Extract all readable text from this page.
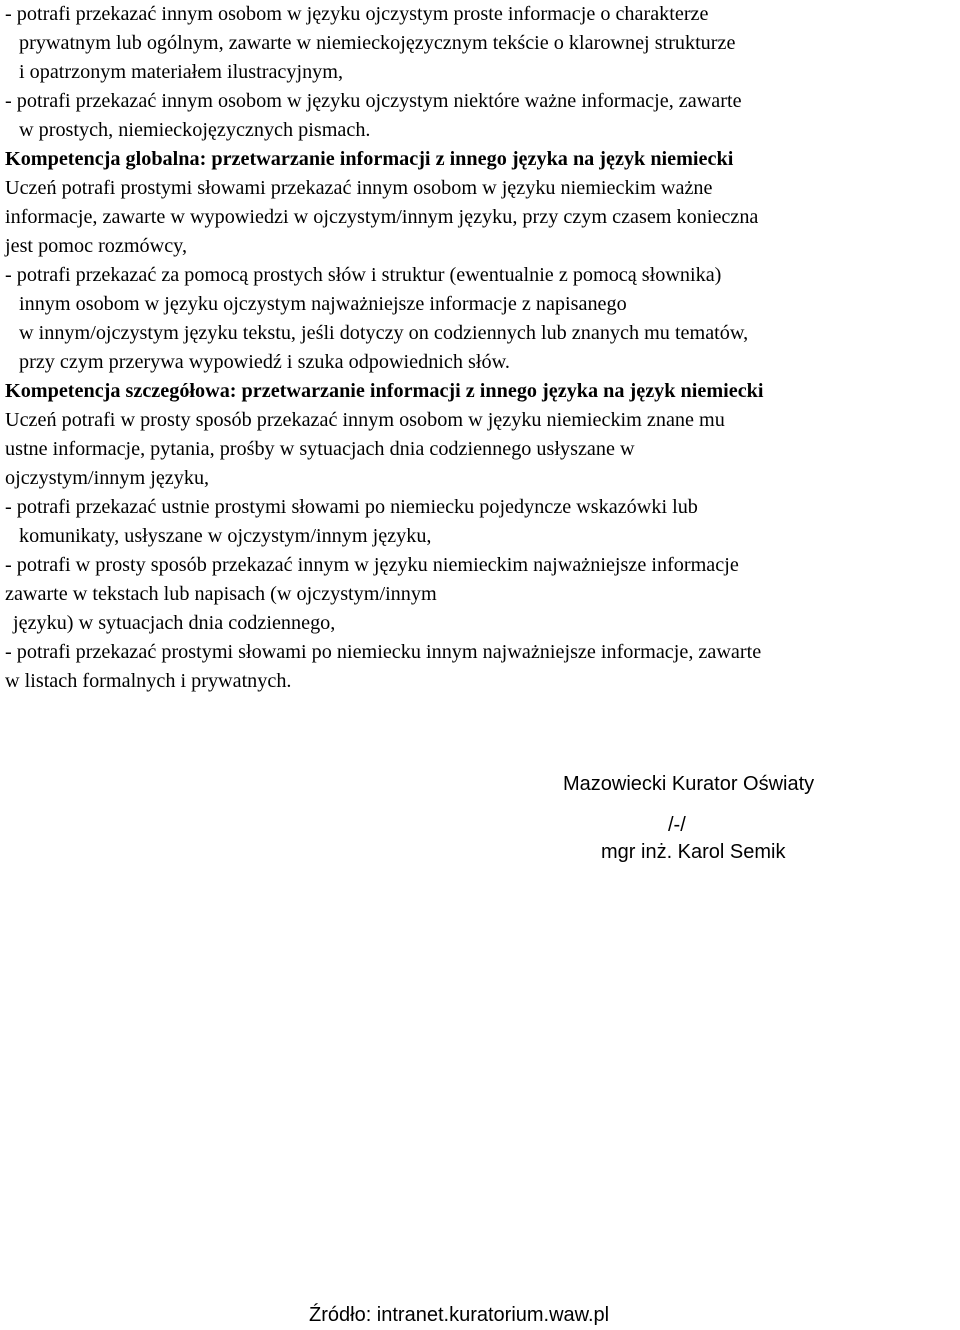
- potrafi przekazać innym osobom w języku ojczystym proste informacje o charakterze
prywatnym lub ogólnym, zawarte w niemieckojęzycznym tekście o klarownej strukturze
i opatrzonym materiałem ilustracyjnym,
- potrafi przekazać innym osobom w języku ojczystym niektóre ważne informacje, zawarte
w prostych, niemieckojęzycznych pismach.
Kompetencja globalna: przetwarzanie informacji z innego języka na język niemiecki
Uczeń potrafi prostymi słowami przekazać innym osobom w języku niemieckim ważne
informacje, zawarte w wypowiedzi w ojczystym/innym języku, przy czym czasem konieczna
jest pomoc rozmówcy,
- potrafi przekazać za pomocą prostych słów i struktur (ewentualnie z pomocą słownika)
innym osobom w języku ojczystym najważniejsze informacje z napisanego
w innym/ojczystym języku tekstu, jeśli dotyczy on codziennych lub znanych mu tematów,
przy czym przerywa wypowiedź i szuka odpowiednich słów.
Kompetencja szczegółowa: przetwarzanie informacji z innego języka na język niemiecki
Uczeń potrafi w prosty sposób przekazać innym osobom w języku niemieckim znane mu
ustne informacje, pytania, prośby w sytuacjach dnia codziennego usłyszane w
ojczystym/innym języku,
- potrafi przekazać ustnie prostymi słowami po niemiecku pojedyncze wskazówki lub
komunikaty, usłyszane w ojczystym/innym języku,
- potrafi w prosty sposób przekazać innym w języku niemieckim najważniejsze informacje
zawarte w tekstach lub napisach (w ojczystym/innym
języku) w sytuacjach dnia codziennego,
- potrafi przekazać prostymi słowami po niemiecku innym najważniejsze informacje, zawarte
w listach formalnych i prywatnych.
Mazowiecki Kurator Oświaty
/-/
mgr inż. Karol Semik
Źródło: intranet.kuratorium.waw.pl
